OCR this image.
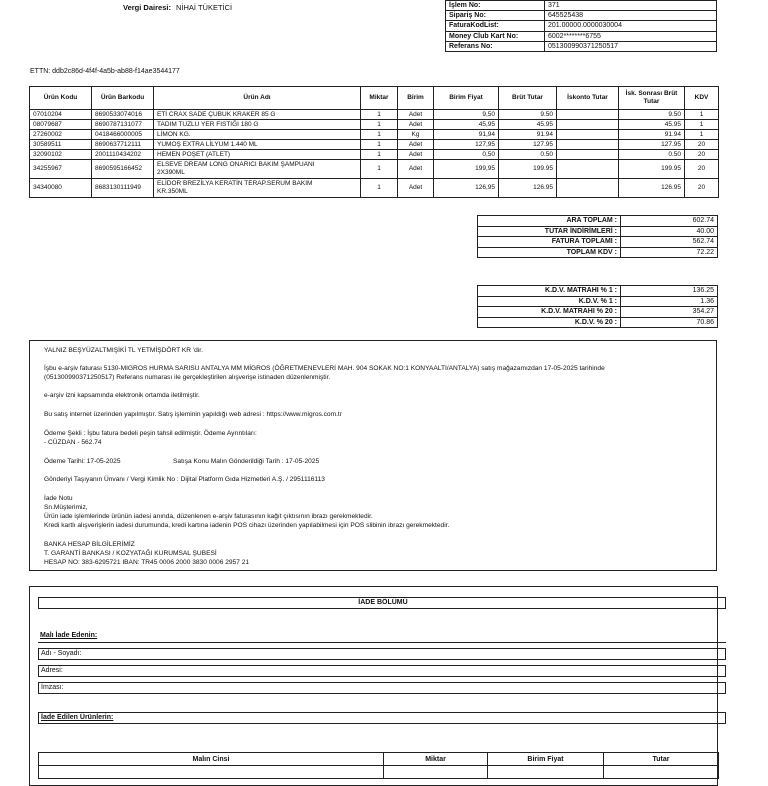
Vergi Dairesi: NİHAİ TÜKETİCİ	İşlem No:	371
Sipariş No:	645525438
FaturaKodList:	201.00000.0000030004
Money Club Kart No:	6002********6755
Referans No:	051300990371250517
ETTN: ddb2c86d-4f4f-4a5b-ab88-f14ae3544177
Ürün Kodu	Ürün Barkodu	Ürün Adı	Miktar	Birim	Birim Fiyat	Brüt Tutar	İskonto Tutar	İsk. Sonrası Brüt Tutar	KDV
07010204	8690533074016	ETİ CRAX SADE ÇUBUK KRAKER 85 G	1	Adet	9,50	9.50		9.50	1
08079687	8690787131077	TADIM TUZLU YER FISTIĞI 180 G	1	Adet	45,95	45.95		45.95	1
27260002	0418466000005	LİMON KG.	1	Kg	91,94	91.94		91.94	1
30589511	8690637712111	YUMOŞ EXTRA LİLYUM 1.440 ML	1	Adet	127,95	127.95		127.95	20
32090102	2001110434202	HEMEN POŞET (ATLET)	1	Adet	0,50	0.50		0.50	20
34255967	8690595166452	ELSEVE DREAM LONG ONARICI BAKIM ŞAMPUANI
2X390ML	1	Adet	199,95	199.95		199.95	20
34340080	8683130111949	ELİDOR BREZİLYA KERATİN TERAP.SERUM BAKIM
KR.350ML	1	Adet	126,95	126.95		126.95	20
ARA TOPLAM :	602.74
TUTAR İNDİRİMLERİ :	40.00
FATURA TOPLAMI :	562.74
TOPLAM KDV :	72.22
K.D.V. MATRAHI % 1 :	136.25
K.D.V. % 1 :	1.36
K.D.V. MATRAHI % 20 :	354.27
K.D.V. % 20 :	70.86
YALNIZ BEŞYÜZALTMIŞİKİ TL YETMİŞDÖRT KR 'dir.
İşbu e-arşiv faturası 5130-MIGROS HURMA SARISU ANTALYA MM MİGROS (ÖĞRETMENEVLERİ MAH. 904 SOKAK NO:1 KONYAALTI/ANTALYA) satış mağazamızdan 17-05-2025 tarihinde
(051300990371250517) Referans numarası ile gerçekleştirilen alışverişe istinaden düzenlenmiştir.
e-arşiv izni kapsamında elektronik ortamda iletilmiştir.
Bu satış internet üzerinden yapılmıştır. Satış işleminin yapıldığı web adresi : https://www.migros.com.tr
Ödeme Şekli : İşbu fatura bedeli peşin tahsil edilmiştir. Ödeme Ayrıntıları:
- CÜZDAN - 562.74
Ödeme Tarihi: 17-05-2025	Satışa Konu Malın Gönderildiği Tarih : 17-05-2025
Gönderiyi Taşıyanın Ünvanı / Vergi Kimlik No : Dijital Platform Gıda Hizmetleri A.Ş. / 2951116113
İade Notu
Sn.Müşterimiz,
Ürün iade işlemlerinde ürünün iadesi anında, düzenlenen e-arşiv faturasının kağıt çıktısının ibrazı gerekmektedir.
Kredi kartlı alışverişlerin iadesi durumunda, kredi kartına iadenin POS cihazı üzerinden yapılabilmesi için POS slibinin ibrazı gerekmektedir.
BANKA HESAP BİLGİLERİMİZ
T. GARANTİ BANKASI / KOZYATAĞI KURUMSAL ŞUBESİ
HESAP NO: 383-6295721 IBAN: TR45 0006 2000 3830 0006 2957 21
İADE BÖLÜMÜ
Malı İade Edenin:
Adı - Soyadı:
Adresi:
İmzası:
İade Edilen Ürünlerin:
Malın Cinsi	Miktar	Birim Fiyat	Tutar
